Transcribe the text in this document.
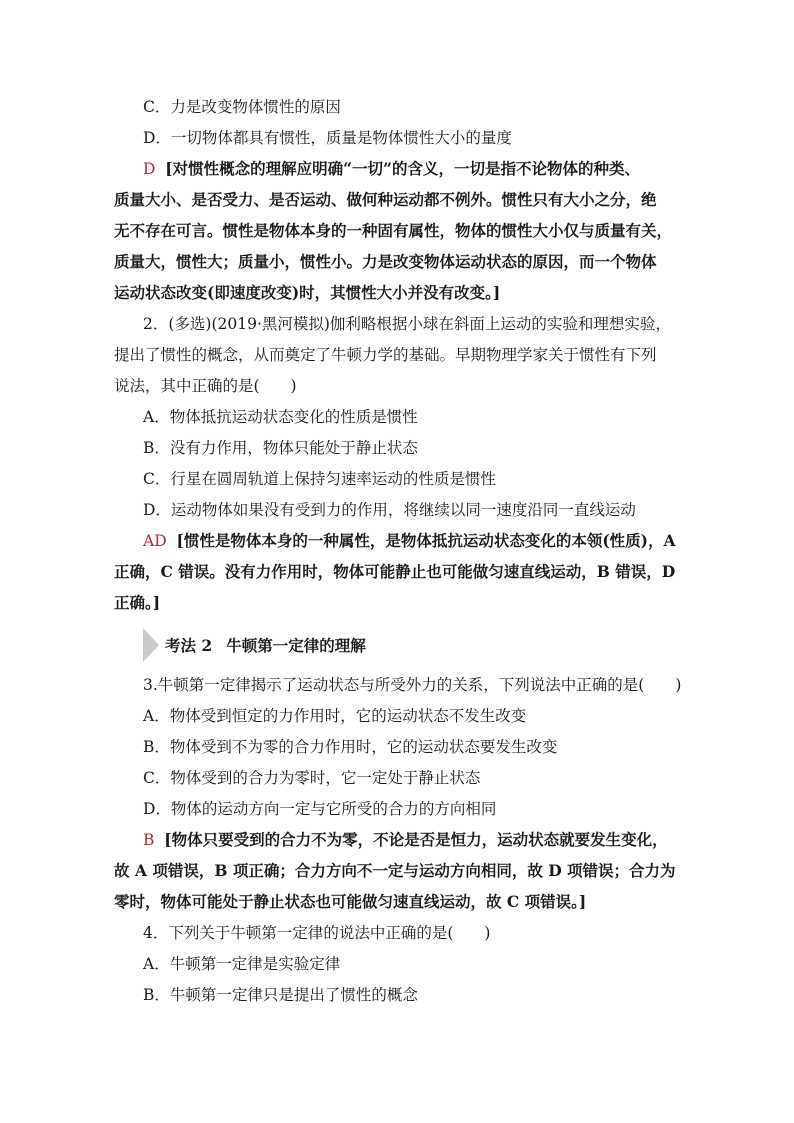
C．力是改变物体惯性的原因
D．一切物体都具有惯性，质量是物体惯性大小的量度
D [对惯性概念的理解应明确“一切”的含义，一切是指不论物体的种类、
质量大小、是否受力、是否运动、做何种运动都不例外。惯性只有大小之分，绝
无不存在可言。惯性是物体本身的一种固有属性，物体的惯性大小仅与质量有关，
质量大，惯性大；质量小，惯性小。力是改变物体运动状态的原因，而一个物体
运动状态改变(即速度改变)时，其惯性大小并没有改变。]
2．(多选)(2019·黑河模拟)伽利略根据小球在斜面上运动的实验和理想实验，
提出了惯性的概念，从而奠定了牛顿力学的基础。早期物理学家关于惯性有下列
说法，其中正确的是(　　)
A．物体抵抗运动状态变化的性质是惯性
B．没有力作用，物体只能处于静止状态
C．行星在圆周轨道上保持匀速率运动的性质是惯性
D．运动物体如果没有受到力的作用，将继续以同一速度沿同一直线运动
AD [惯性是物体本身的一种属性，是物体抵抗运动状态变化的本领(性质)，A
正确，C 错误。没有力作用时，物体可能静止也可能做匀速直线运动，B 错误，D
正确。]
考法 2 牛顿第一定律的理解
3.牛顿第一定律揭示了运动状态与所受外力的关系，下列说法中正确的是(　　)
A．物体受到恒定的力作用时，它的运动状态不发生改变
B．物体受到不为零的合力作用时，它的运动状态要发生改变
C．物体受到的合力为零时，它一定处于静止状态
D．物体的运动方向一定与它所受的合力的方向相同
B [物体只要受到的合力不为零，不论是否是恒力，运动状态就要发生变化，
故 A 项错误，B 项正确；合力方向不一定与运动方向相同，故 D 项错误；合力为
零时，物体可能处于静止状态也可能做匀速直线运动，故 C 项错误。]
4．下列关于牛顿第一定律的说法中正确的是(　　)
A．牛顿第一定律是实验定律
B．牛顿第一定律只是提出了惯性的概念
